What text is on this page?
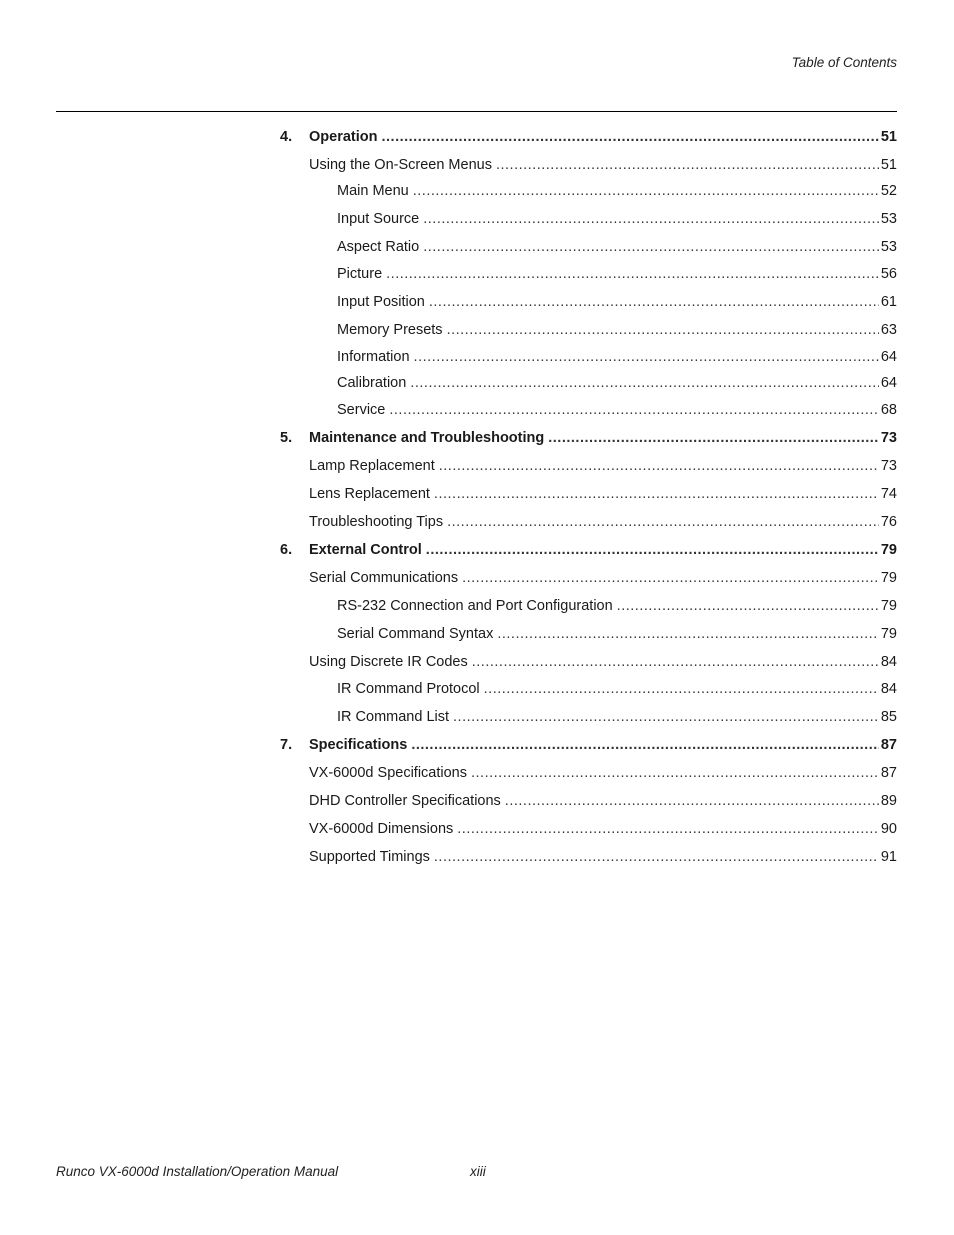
Table of Contents
4.	Operation .....	51
Using the On-Screen Menus .....	51
Main Menu .....	52
Input Source .....	53
Aspect Ratio .....	53
Picture .....	56
Input Position .....	61
Memory Presets .....	63
Information .....	64
Calibration .....	64
Service .....	68
5.	Maintenance and Troubleshooting .....	73
Lamp Replacement .....	73
Lens Replacement .....	74
Troubleshooting Tips .....	76
6.	External Control .....	79
Serial Communications .....	79
RS-232 Connection and Port Configuration .....	79
Serial Command Syntax .....	79
Using Discrete IR Codes .....	84
IR Command Protocol .....	84
IR Command List .....	85
7.	Specifications .....	87
VX-6000d Specifications .....	87
DHD Controller Specifications .....	89
VX-6000d Dimensions .....	90
Supported Timings .....	91
Runco VX-6000d Installation/Operation Manual	xiii
